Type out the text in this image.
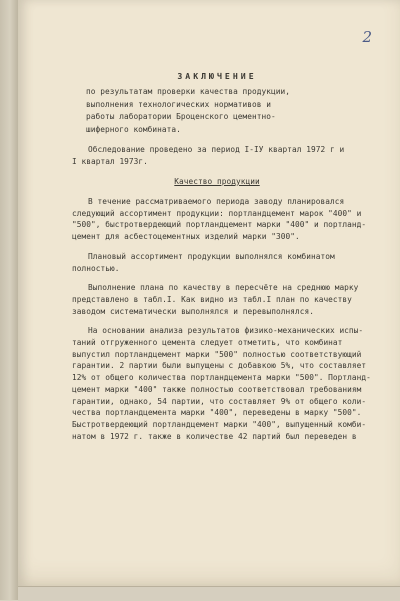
2
ЗАКЛЮЧЕНИЕ
по результатам проверки качества продукции,
выполнения технологических нормативов и
работы лаборатории Броценского цементно-
шиферного комбината.
Обследование проведено за период I-IУ квартал 1972 г и
I квартал 1973г.
Качество продукции
В течение рассматриваемого периода заводу планировался
следующий ассортимент продукции: портландцемент марок "400" и
"500", быстротвердеющий портландцемент марки "400" и портланд-
цемент для асбестоцементных изделий марки "300".
Плановый ассортимент продукции выполнялся комбинатом
полностью.
Выполнение плана по качеству в пересчёте на среднюю марку
представлено в табл.I. Как видно из табл.I план по качеству
заводом систематически выполнялся и перевыполнялся.
На основании анализа результатов физико-механических испы-
таний отгруженного цемента следует отметить, что комбинат
выпустил портландцемент марки "500" полностью соответствующий
гарантии. 2 партии были выпущены с добавкою 5%, что составляет
12% от общего количества портландцемента марки "500". Портланд-
цемент марки "400" также полностью соответствовал требованиям
гарантии, однако, 54 партии, что составляет 9% от общего коли-
чества портландцемента марки "400", переведены в марку "500".
Быстротвердеющий портландцемент марки "400", выпущенный комби-
натом в 1972 г. также в количестве 42 партий был переведен в
